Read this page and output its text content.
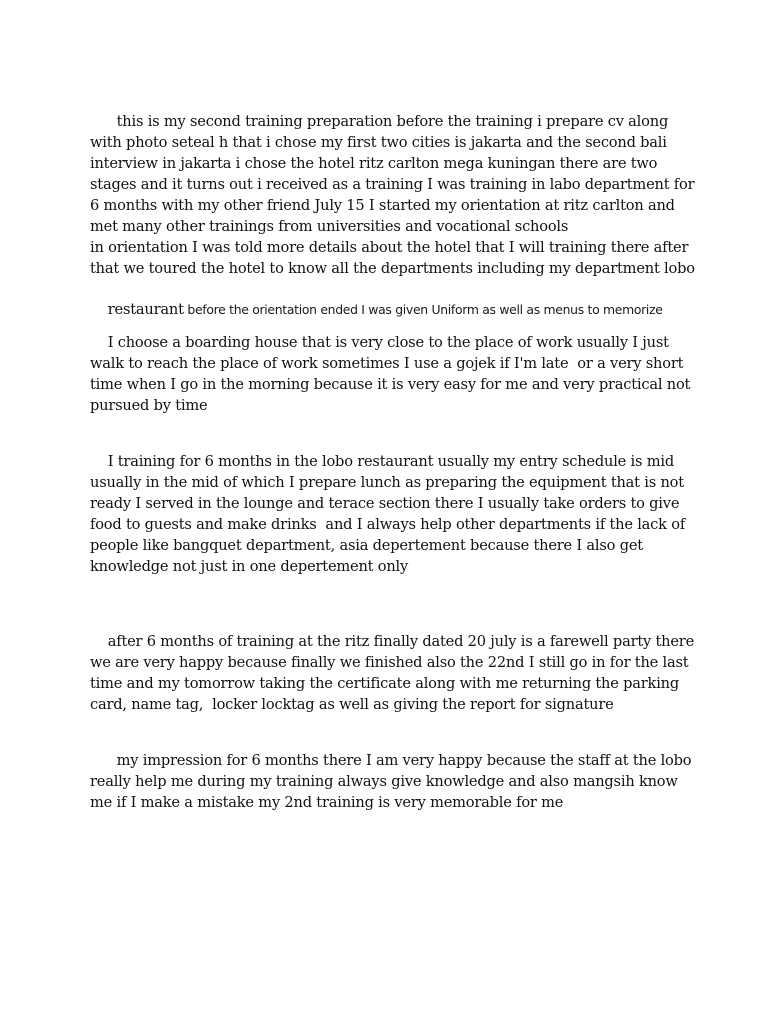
this is my second training preparation before the training i prepare cv along

with photo seteal h that i chose my first two cities is jakarta and the second bali

interview in jakarta i chose the hotel ritz carlton mega kuningan there are two

stages and it turns out i received as a training I was training in labo department for

6 months with my other friend July 15 I started my orientation at ritz carlton and

met many other trainings from universities and vocational schools

in orientation I was told more details about the hotel that I will training there after

that we toured the hotel to know all the departments including my department lobo

restaurant before the orientation ended I was given Uniform as well as menus to memorize

I choose a boarding house that is very close to the place of work usually I just

walk to reach the place of work sometimes I use a gojek if I'm late  or a very short

time when I go in the morning because it is very easy for me and very practical not

pursued by time

I training for 6 months in the lobo restaurant usually my entry schedule is mid

usually in the mid of which I prepare lunch as preparing the equipment that is not

ready I served in the lounge and terace section there I usually take orders to give

food to guests and make drinks  and I always help other departments if the lack of

people like bangquet department, asia depertement because there I also get

knowledge not just in one depertement only

after 6 months of training at the ritz finally dated 20 july is a farewell party there

we are very happy because finally we finished also the 22nd I still go in for the last

time and my tomorrow taking the certificate along with me returning the parking

card, name tag,  locker locktag as well as giving the report for signature

my impression for 6 months there I am very happy because the staff at the lobo

really help me during my training always give knowledge and also mangsih know

me if I make a mistake my 2nd training is very memorable for me
